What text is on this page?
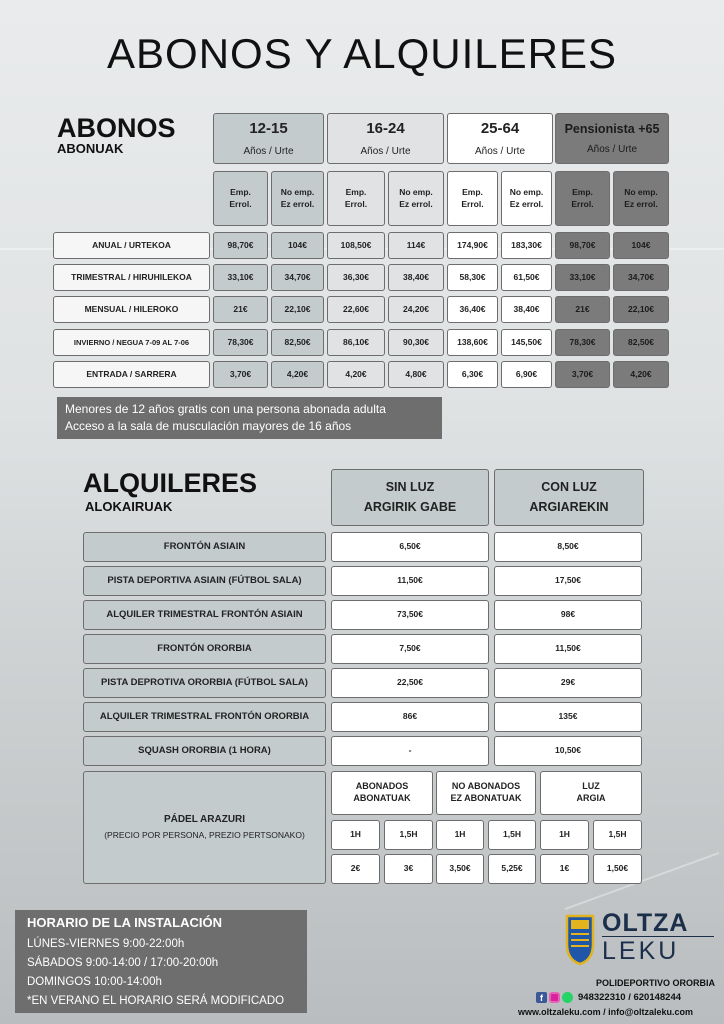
ABONOS Y ALQUILERES
ABONOS
ABONUAK
12-15
Años / Urte
16-24
Años / Urte
25-64
Años / Urte
Pensionista +65
Años / Urte
Emp.
Errol.
No emp.
Ez errol.
Emp.
Errol.
No emp.
Ez errol.
Emp.
Errol.
No emp.
Ez errol.
Emp.
Errol.
No emp.
Ez errol.
ANUAL / URTEKOA	98,70€	104€	108,50€	114€	174,90€	183,30€	98,70€	104€
TRIMESTRAL / HIRUHILEKOA	33,10€	34,70€	36,30€	38,40€	58,30€	61,50€	33,10€	34,70€
MENSUAL / HILEROKO	21€	22,10€	22,60€	24,20€	36,40€	38,40€	21€	22,10€
INVIERNO / NEGUA 7-09 AL 7-06	78,30€	82,50€	86,10€	90,30€	138,60€	145,50€	78,30€	82,50€
ENTRADA / SARRERA	3,70€	4,20€	4,20€	4,80€	6,30€	6,90€	3,70€	4,20€
Menores de 12 años gratis con una persona abonada adulta
Acceso a la sala de musculación mayores de 16 años
ALQUILERES
ALOKAIRUAK
SIN LUZ
ARGIRIK GABE
CON LUZ
ARGIAREKIN
FRONTÓN ASIAIN	6,50€	8,50€
PISTA DEPORTIVA ASIAIN (FÚTBOL SALA)	11,50€	17,50€
ALQUILER TRIMESTRAL FRONTÓN ASIAIN	73,50€	98€
FRONTÓN ORORBIA	7,50€	11,50€
PISTA DEPROTIVA ORORBIA (FÚTBOL SALA)	22,50€	29€
ALQUILER TRIMESTRAL FRONTÓN ORORBIA	86€	135€
SQUASH ORORBIA (1 HORA)	-	10,50€
PÁDEL ARAZURI
(PRECIO POR PERSONA, PREZIO PERTSONAKO)
ABONADOS
ABONATUAK
1H	1,5H
2€	3€
NO ABONADOS
EZ ABONATUAK
1H	1,5H
3,50€	5,25€
LUZ
ARGIA
1H	1,5H
1€	1,50€
HORARIO DE LA INSTALACIÓN
LÚNES-VIERNES 9:00-22:00h
SÁBADOS 9:00-14:00 / 17:00-20:00h
DOMINGOS 10:00-14:00h
*EN VERANO EL HORARIO SERÁ MODIFICADO
OLTZA
LEKU
POLIDEPORTIVO ORORBIA
f	948322310 / 620148244
www.oltzaleku.com / info@oltzaleku.com
